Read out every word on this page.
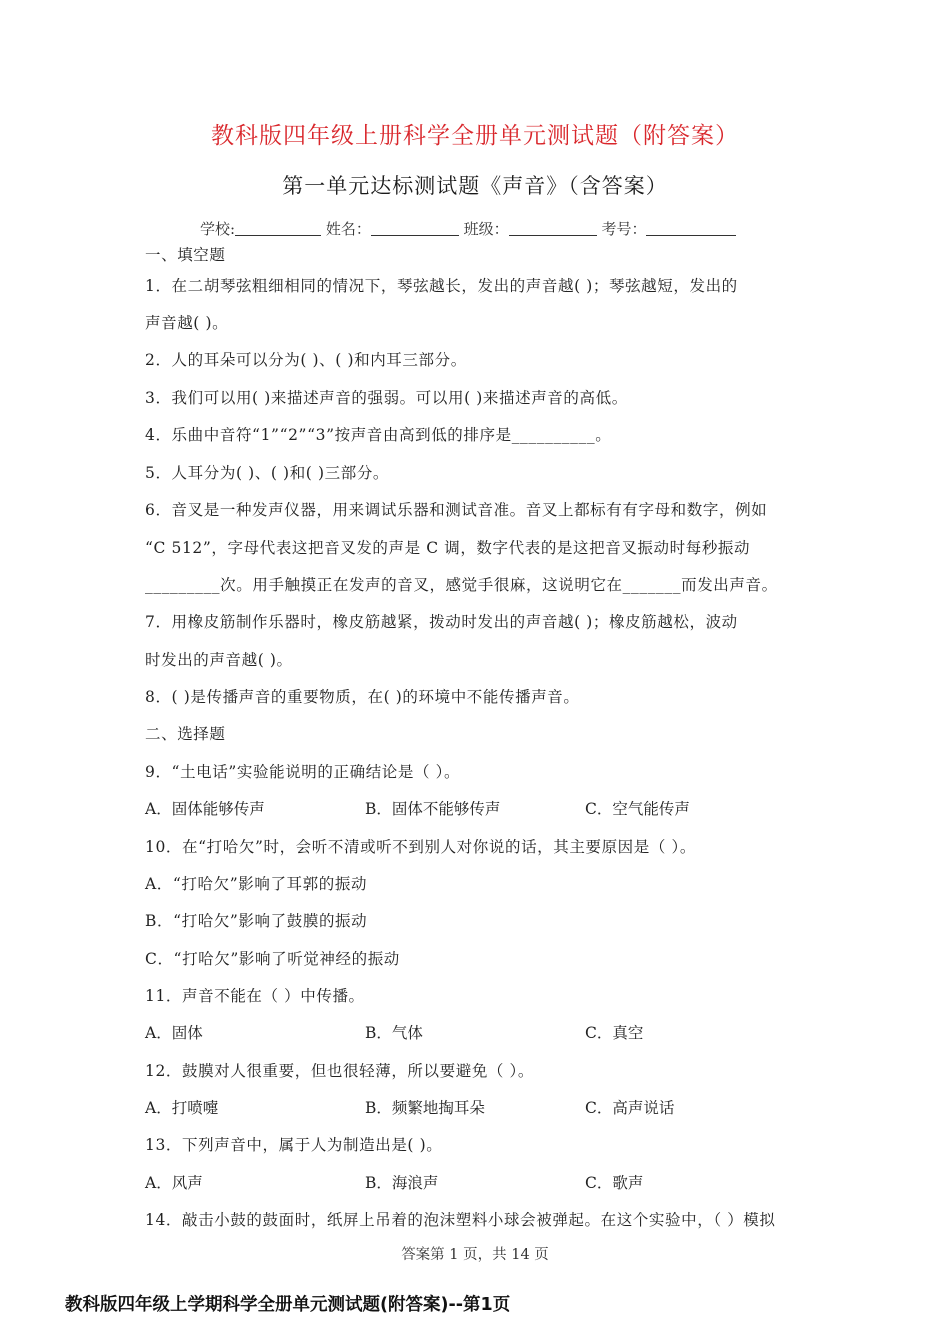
教科版四年级上册科学全册单元测试题（附答案）
第一单元达标测试题《声音》（含答案）
学校:	姓名：	班级：	考号：
一、填空题
1．在二胡琴弦粗细相同的情况下，琴弦越长，发出的声音越( )；琴弦越短，发出的
声音越( )。
2．人的耳朵可以分为( )、( )和内耳三部分。
3．我们可以用( )来描述声音的强弱。可以用( )来描述声音的高低。
4．乐曲中音符“1”“2”“3”按声音由高到低的排序是__________。
5．人耳分为( )、( )和( )三部分。
6．音叉是一种发声仪器，用来调试乐器和测试音准。音叉上都标有有字母和数字，例如
“C 512”，字母代表这把音叉发的声是 C 调，数字代表的是这把音叉振动时每秒振动
_________次。用手触摸正在发声的音叉，感觉手很麻，这说明它在_______而发出声音。
7．用橡皮筋制作乐器时，橡皮筋越紧，拨动时发出的声音越( )；橡皮筋越松，波动
时发出的声音越( )。
8．( )是传播声音的重要物质，在( )的环境中不能传播声音。
二、选择题
9．“土电话”实验能说明的正确结论是（ ）。
A．固体能够传声	B．固体不能够传声	C．空气能传声
10．在“打哈欠”时，会听不清或听不到别人对你说的话，其主要原因是（ ）。
A．“打哈欠”影响了耳郭的振动
B．“打哈欠”影响了鼓膜的振动
C．“打哈欠”影响了听觉神经的振动
11．声音不能在（ ）中传播。
A．固体	B．气体	C．真空
12．鼓膜对人很重要，但也很轻薄，所以要避免（ ）。
A．打喷嚏	B．频繁地掏耳朵	C．高声说话
13．下列声音中，属于人为制造出是( )。
A．风声	B．海浪声	C．歌声
14．敲击小鼓的鼓面时，纸屏上吊着的泡沫塑料小球会被弹起。在这个实验中，（ ）模拟
答案第 1 页，共 14 页
教科版四年级上学期科学全册单元测试题(附答案)--第1页
